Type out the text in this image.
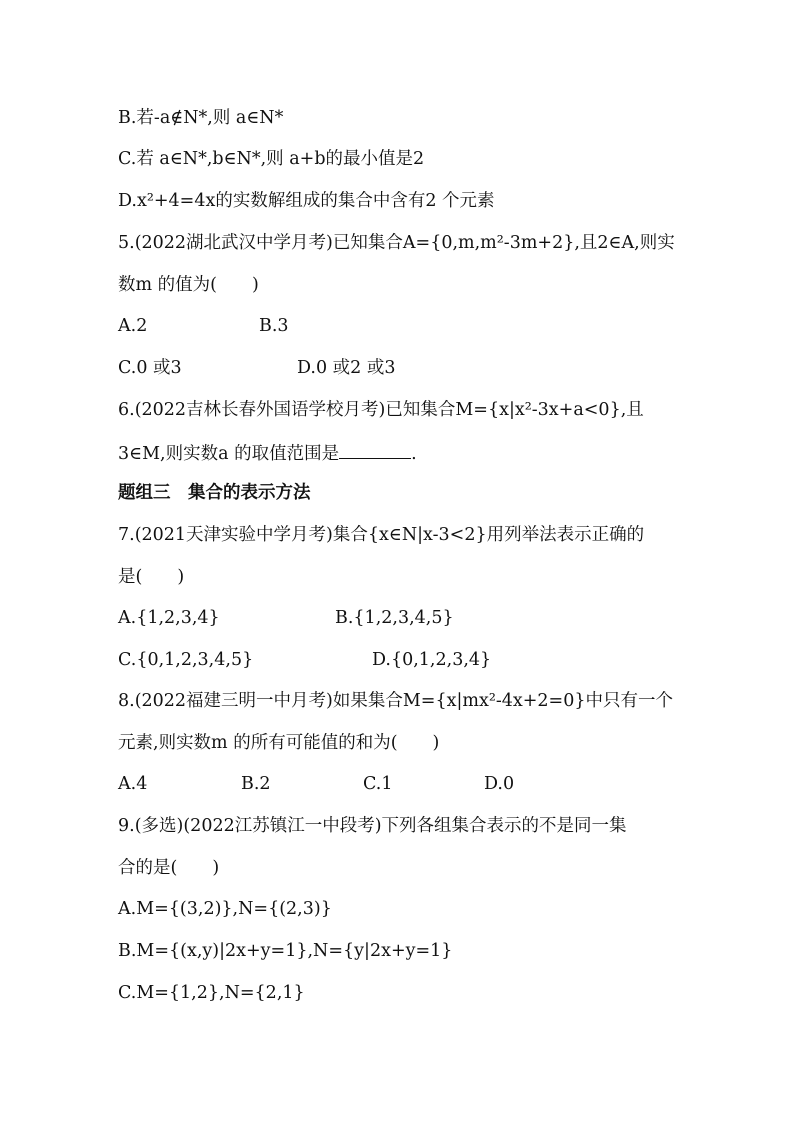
B.若-a∉N*,则 a∈N*
C.若 a∈N*,b∈N*,则 a+b的最小值是2
D.x²+4=4x的实数解组成的集合中含有2 个元素
5.(2022湖北武汉中学月考)已知集合A={0,m,m²-3m+2},且2∈A,则实
数m 的值为(　　)
A.2	B.3
C.0 或3	D.0 或2 或3
6.(2022吉林长春外国语学校月考)已知集合M={x|x²-3x+a<0},且
3∈M,则实数a 的取值范围是	.
题组三　集合的表示方法
7.(2021天津实验中学月考)集合{x∈N|x-3<2}用列举法表示正确的
是(　　)
A.{1,2,3,4}	B.{1,2,3,4,5}
C.{0,1,2,3,4,5}	D.{0,1,2,3,4}
8.(2022福建三明一中月考)如果集合M={x|mx²-4x+2=0}中只有一个
元素,则实数m 的所有可能值的和为(　　)
A.4	B.2	C.1	D.0
9.(多选)(2022江苏镇江一中段考)下列各组集合表示的不是同一集
合的是(　　)
A.M={(3,2)},N={(2,3)}
B.M={(x,y)|2x+y=1},N={y|2x+y=1}
C.M={1,2},N={2,1}
